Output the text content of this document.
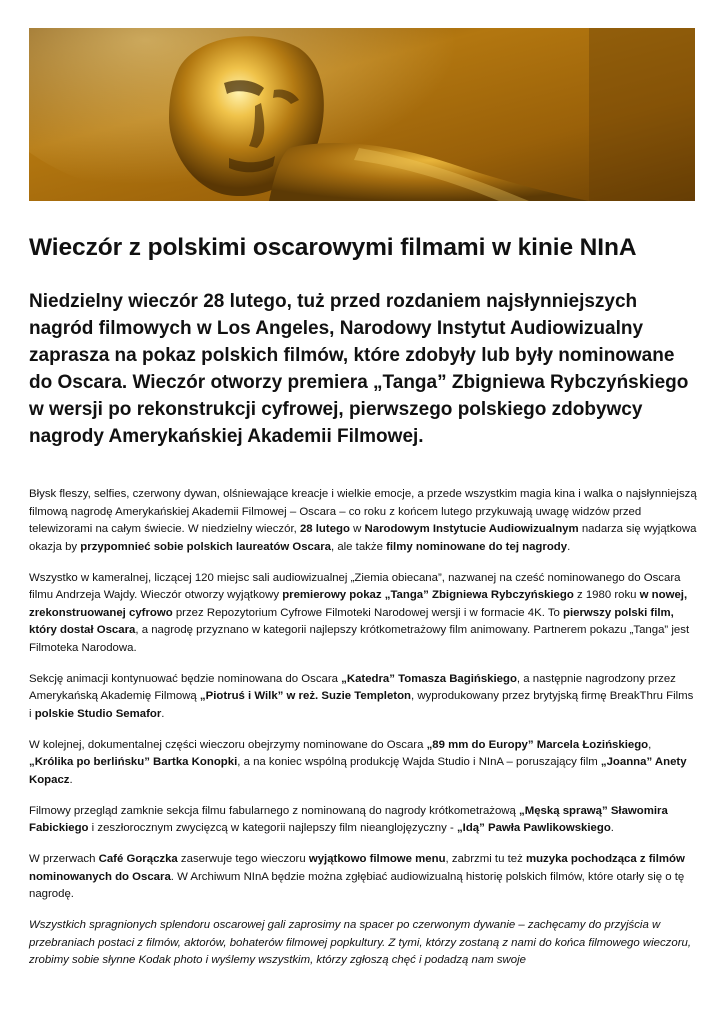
Wieczór z polskimi oscarowymi filmami w kinie NInA

Niedzielny wieczór 28 lutego, tuż przed rozdaniem najsłynniejszych nagród filmowych w Los Angeles, Narodowy Instytut Audiowizualny zaprasza na pokaz polskich filmów, które zdobyły lub były nominowane do Oscara. Wieczór otworzy premiera „Tanga” Zbigniewa Rybczyńskiego w wersji po rekonstrukcji cyfrowej, pierwszego polskiego zdobywcy nagrody Amerykańskiej Akademii Filmowej.

Błysk fleszy, selfies, czerwony dywan, olśniewające kreacje i wielkie emocje, a przede wszystkim magia kina i walka o najsłynniejszą filmową nagrodę Amerykańskiej Akademii Filmowej – Oscara – co roku z końcem lutego przykuwają uwagę widzów przed telewizorami na całym świecie. W niedzielny wieczór, 28 lutego w Narodowym Instytucie Audiowizualnym nadarza się wyjątkowa okazja by przypomnieć sobie polskich laureatów Oscara, ale także filmy nominowane do tej nagrody.

Wszystko w kameralnej, liczącej 120 miejsc sali audiowizualnej „Ziemia obiecana”, nazwanej na cześć nominowanego do Oscara filmu Andrzeja Wajdy. Wieczór otworzy wyjątkowy premierowy pokaz „Tanga” Zbigniewa Rybczyńskiego z 1980 roku w nowej, zrekonstruowanej cyfrowo przez Repozytorium Cyfrowe Filmoteki Narodowej wersji i w formacie 4K. To pierwszy polski film, który dostał Oscara, a nagrodę przyznano w kategorii najlepszy krótkometrażowy film animowany. Partnerem pokazu „Tanga” jest Filmoteka Narodowa.

Sekcję animacji kontynuować będzie nominowana do Oscara „Katedra” Tomasza Bagińskiego, a następnie nagrodzony przez Amerykańską Akademię Filmową „Piotruś i Wilk” w reż. Suzie Templeton, wyprodukowany przez brytyjską firmę BreakThru Films i polskie Studio Semafor.

W kolejnej, dokumentalnej części wieczoru obejrzymy nominowane do Oscara „89 mm do Europy” Marcela Łozińskiego, „Królika po berlińsku” Bartka Konopki, a na koniec wspólną produkcję Wajda Studio i NInA – poruszający film „Joanna” Anety Kopacz.

Filmowy przegląd zamknie sekcja filmu fabularnego z nominowaną do nagrody krótkometrażową „Męską sprawą” Sławomira Fabickiego i zeszłorocznym zwycięzcą w kategorii najlepszy film nieanglojęzyczny - „Idą” Pawła Pawlikowskiego.

W przerwach Café Gorączka zaserwuje tego wieczoru wyjątkowo filmowe menu, zabrzmi tu też muzyka pochodząca z filmów nominowanych do Oscara. W Archiwum NInA będzie można zgłębiać audiowizualną historię polskich filmów, które otarły się o tę nagrodę.

Wszystkich spragnionych splendoru oscarowej gali zaprosimy na spacer po czerwonym dywanie – zachęcamy do przyjścia w przebraniach postaci z filmów, aktorów, bohaterów filmowej popkultury. Z tymi, którzy zostaną z nami do końca filmowego wieczoru, zrobimy sobie słynne Kodak photo i wyślemy wszystkim, którzy zgłoszą chęć i podadzą nam swoje
